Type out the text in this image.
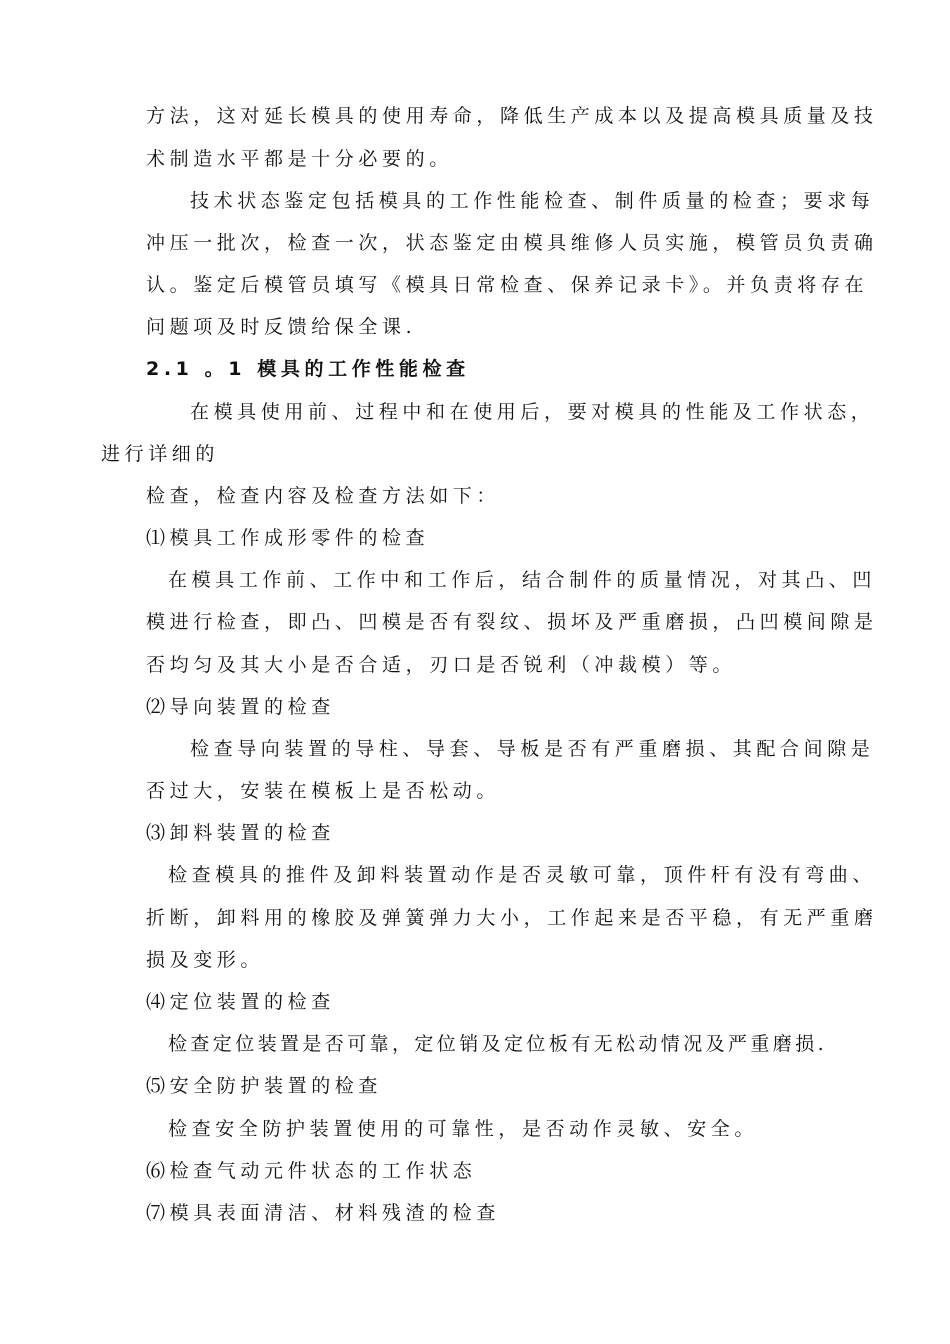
方法，这对延长模具的使用寿命，降低生产成本以及提高模具质量及技
术制造水平都是十分必要的。
技术状态鉴定包括模具的工作性能检查、制件质量的检查；要求每
冲压一批次，检查一次，状态鉴定由模具维修人员实施，模管员负责确
认。鉴定后模管员填写《模具日常检查、保养记录卡》。并负责将存在
问题项及时反馈给保全课.
2.1 。1 模具的工作性能检查
在模具使用前、过程中和在使用后，要对模具的性能及工作状态，
进行详细的
检查，检查内容及检查方法如下：
⑴模具工作成形零件的检查
在模具工作前、工作中和工作后，结合制件的质量情况，对其凸、凹
模进行检查，即凸、凹模是否有裂纹、损坏及严重磨损，凸凹模间隙是
否均匀及其大小是否合适，刃口是否锐利（冲裁模）等。
⑵导向装置的检查
检查导向装置的导柱、导套、导板是否有严重磨损、其配合间隙是
否过大，安装在模板上是否松动。
⑶卸料装置的检查
检查模具的推件及卸料装置动作是否灵敏可靠，顶件杆有没有弯曲、
折断，卸料用的橡胶及弹簧弹力大小，工作起来是否平稳，有无严重磨
损及变形。
⑷定位装置的检查
检查定位装置是否可靠，定位销及定位板有无松动情况及严重磨损.
⑸安全防护装置的检查
检查安全防护装置使用的可靠性，是否动作灵敏、安全。
⑹检查气动元件状态的工作状态
⑺模具表面清洁、材料残渣的检查
